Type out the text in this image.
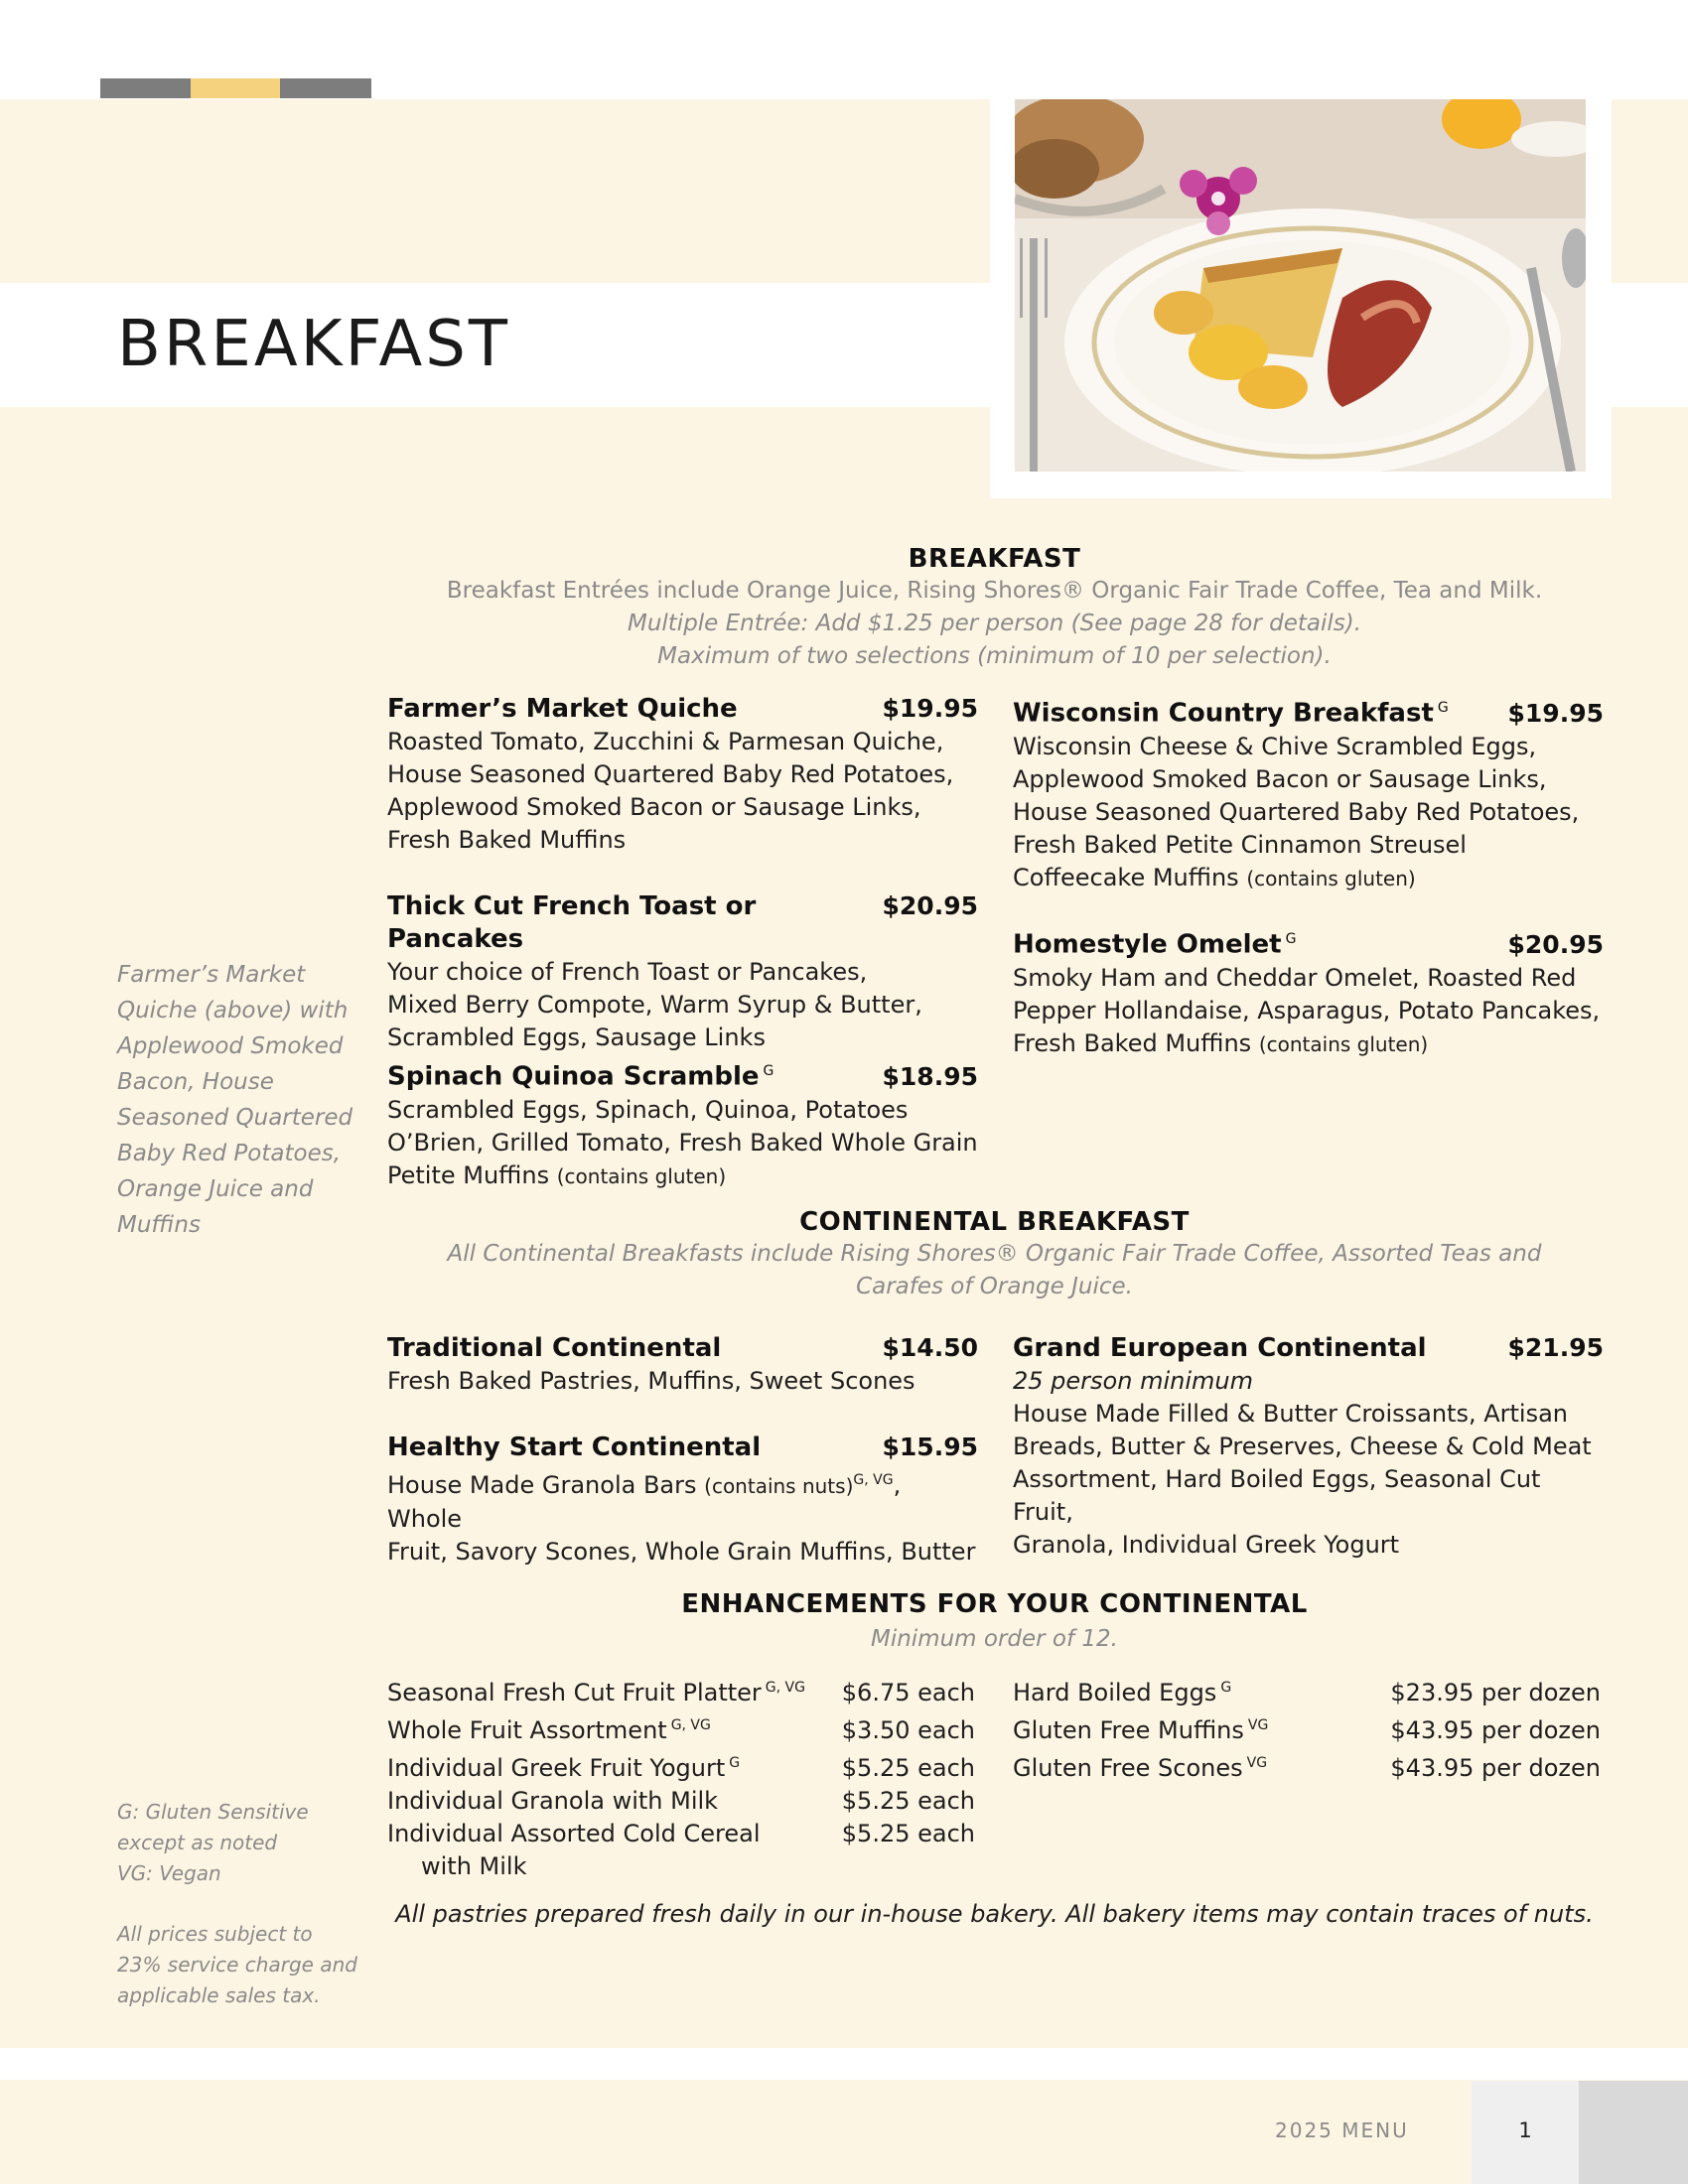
BREAKFAST
BREAKFAST
Breakfast Entrées include Orange Juice, Rising Shores® Organic Fair Trade Coffee, Tea and Milk.
Multiple Entrée: Add $1.25 per person (See page 28 for details).
Maximum of two selections (minimum of 10 per selection).
Farmer’s Market Quiche	$19.95
Roasted Tomato, Zucchini & Parmesan Quiche,
House Seasoned Quartered Baby Red Potatoes,
Applewood Smoked Bacon or Sausage Links,
Fresh Baked Muffins
Thick Cut French Toast or Pancakes
$20.95
Your choice of French Toast or Pancakes,
Mixed Berry Compote, Warm Syrup & Butter,
Scrambled Eggs, Sausage Links
Spinach Quinoa Scramble $^G$	$18.95
Scrambled Eggs, Spinach, Quinoa, Potatoes
O’Brien, Grilled Tomato, Fresh Baked Whole Grain
Petite Muffins (contains gluten)
Wisconsin Country Breakfast $^G$ $19.95
Wisconsin Cheese & Chive Scrambled Eggs,
Applewood Smoked Bacon or Sausage Links,
House Seasoned Quartered Baby Red Potatoes,
Fresh Baked Petite Cinnamon Streusel
Coffeecake Muffins (contains gluten)
Homestyle Omelet $^G$	$20.95
Smoky Ham and Cheddar Omelet, Roasted Red
Pepper Hollandaise, Asparagus, Potato Pancakes,
Fresh Baked Muffins (contains gluten)
CONTINENTAL BREAKFAST
All Continental Breakfasts include Rising Shores® Organic Fair Trade Coffee, Assorted Teas and
Carafes of Orange Juice.
Traditional Continental	$14.50
Fresh Baked Pastries, Muffins, Sweet Scones
Healthy Start Continental	$15.95
House Made Granola Bars (contains nuts)$^{G, VG}$, Whole
Fruit, Savory Scones, Whole Grain Muffins, Butter
Grand European Continental	$21.95
25 person minimum
House Made Filled & Butter Croissants, Artisan
Breads, Butter & Preserves, Cheese & Cold Meat
Assortment, Hard Boiled Eggs, Seasonal Cut Fruit,
Granola, Individual Greek Yogurt
ENHANCEMENTS FOR YOUR CONTINENTAL
Minimum order of 12.
Seasonal Fresh Cut Fruit Platter $^{G, VG}$ $6.75 each
Whole Fruit Assortment $^{G, VG}$	$3.50 each
Individual Greek Fruit Yogurt $^G$	$5.25 each
Individual Granola with Milk	$5.25 each
Individual Assorted Cold Cereal	$5.25 each
with Milk
Hard Boiled Eggs $^G$	$23.95 per dozen
Gluten Free Muffins $^{VG}$	$43.95 per dozen
Gluten Free Scones $^{VG}$	$43.95 per dozen
All pastries prepared fresh daily in our in-house bakery. All bakery items may contain traces of nuts.
Farmer’s Market
Quiche (above) with
Applewood Smoked
Bacon, House
Seasoned Quartered
Baby Red Potatoes,
Orange Juice and
Muffins
G: Gluten Sensitive
except as noted
VG: Vegan
All prices subject to
23% service charge and
applicable sales tax.
2025 MENU	1
